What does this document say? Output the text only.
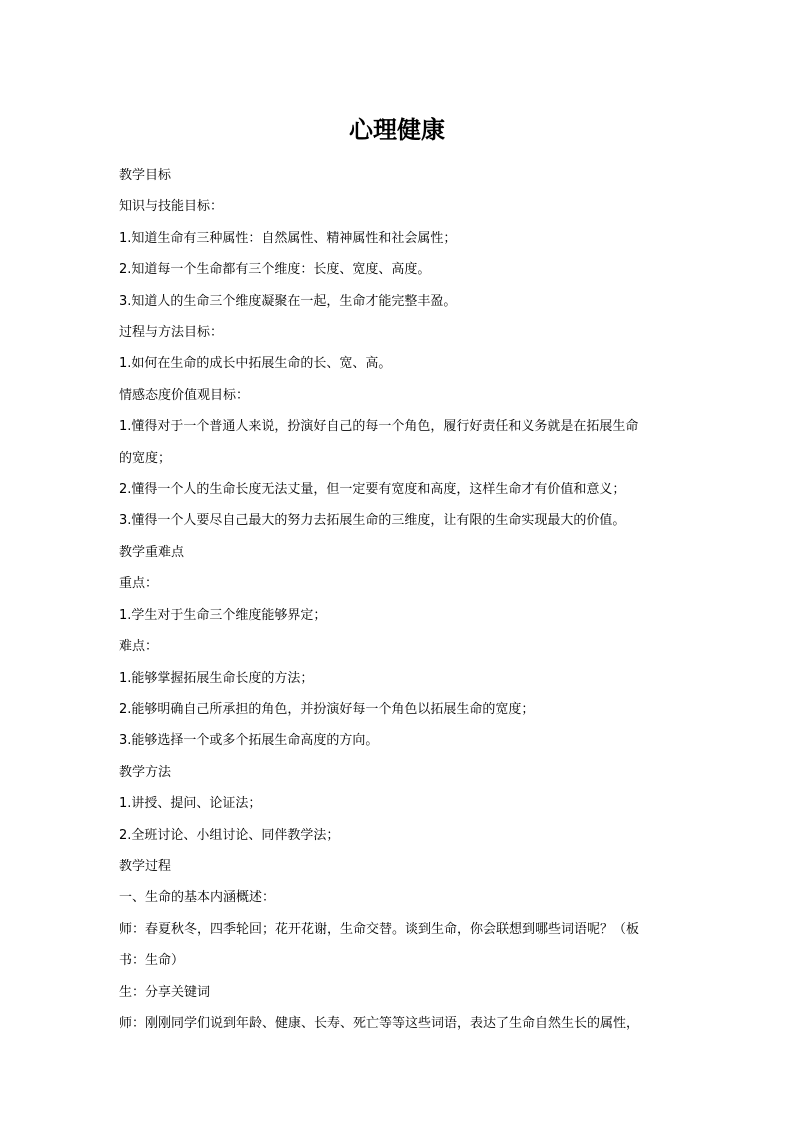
心理健康

教学目标

知识与技能目标：

1.知道生命有三种属性：自然属性、精神属性和社会属性；

2.知道每一个生命都有三个维度：长度、宽度、高度。

3.知道人的生命三个维度凝聚在一起，生命才能完整丰盈。

过程与方法目标：

1.如何在生命的成长中拓展生命的长、宽、高。

情感态度价值观目标：

1.懂得对于一个普通人来说，扮演好自己的每一个角色，履行好责任和义务就是在拓展生命

的宽度；

2.懂得一个人的生命长度无法丈量，但一定要有宽度和高度，这样生命才有价值和意义；

3.懂得一个人要尽自己最大的努力去拓展生命的三维度，让有限的生命实现最大的价值。

教学重难点

重点：

1.学生对于生命三个维度能够界定；

难点：

1.能够掌握拓展生命长度的方法；

2.能够明确自己所承担的角色，并扮演好每一个角色以拓展生命的宽度；

3.能够选择一个或多个拓展生命高度的方向。

教学方法

1.讲授、提问、论证法；

2.全班讨论、小组讨论、同伴教学法；

教学过程

一、生命的基本内涵概述：

师：春夏秋冬，四季轮回；花开花谢，生命交替。谈到生命，你会联想到哪些词语呢？（板

书：生命）

生：分享关键词

师：刚刚同学们说到年龄、健康、长寿、死亡等等这些词语，表达了生命自然生长的属性，
